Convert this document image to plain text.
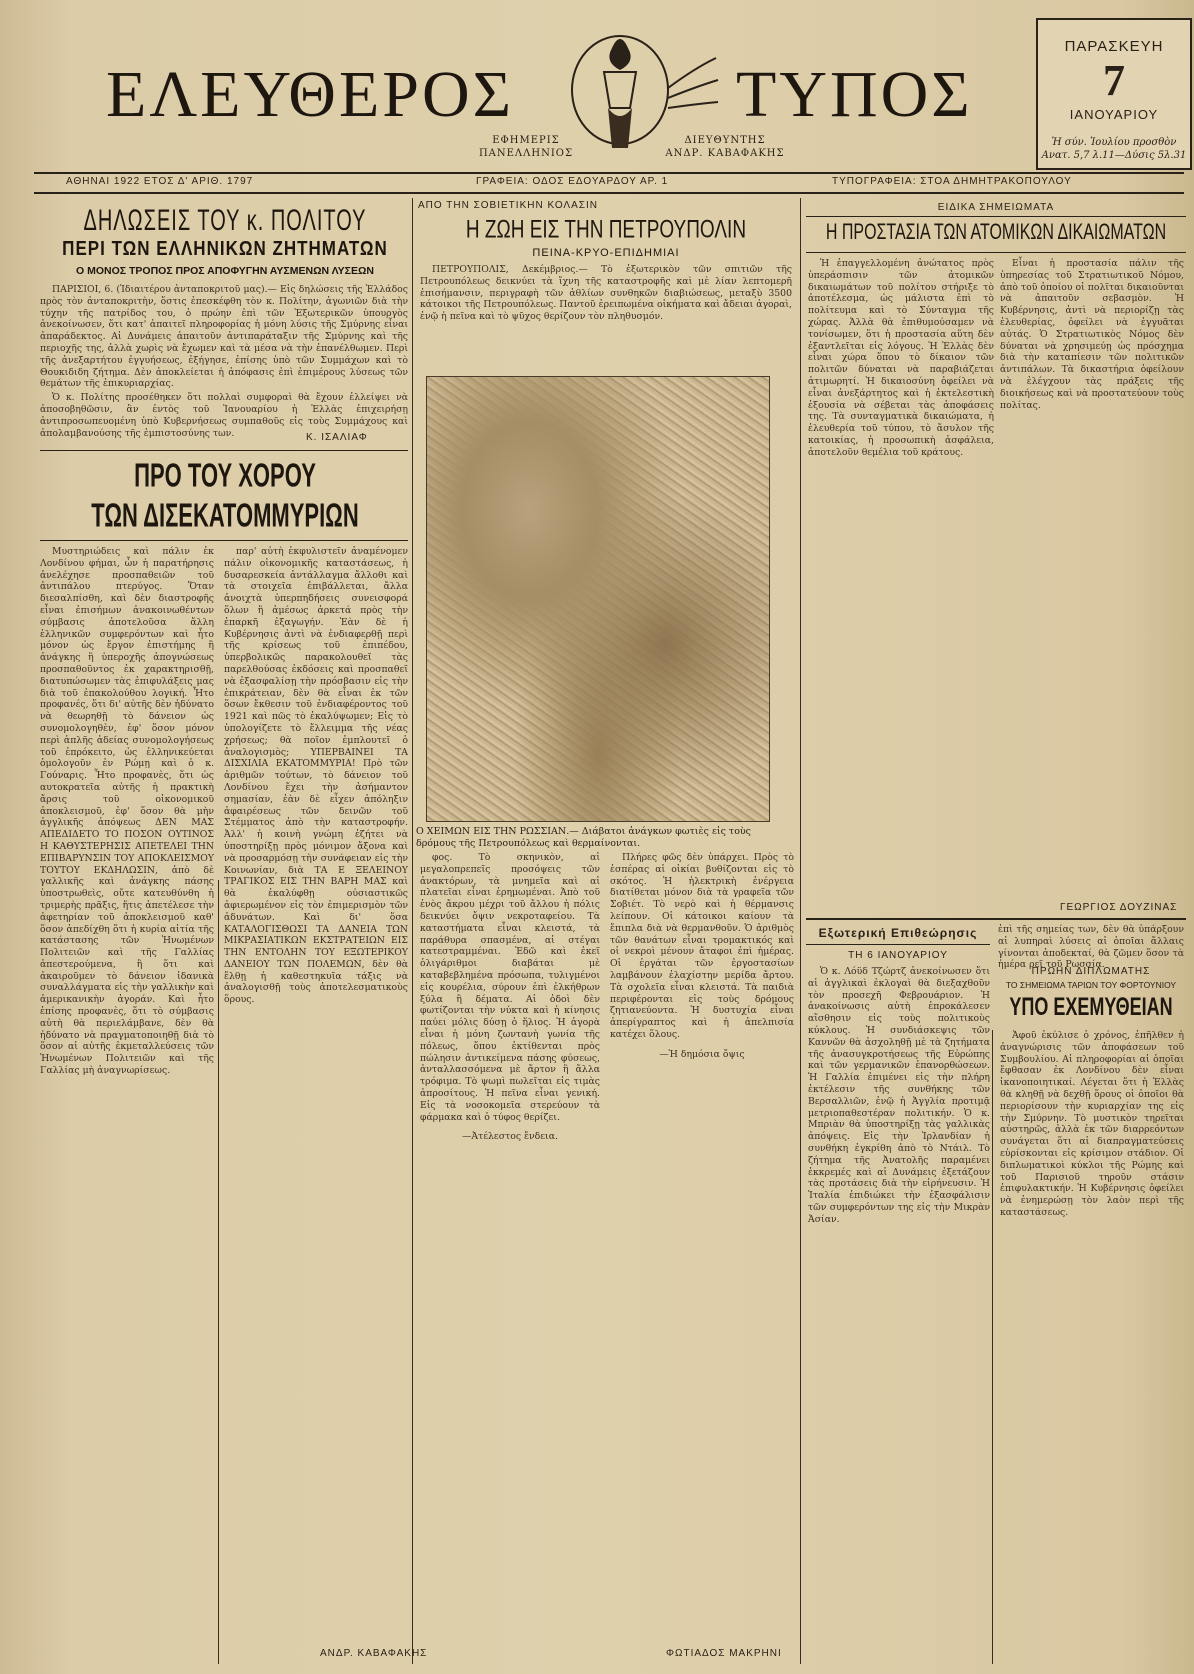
ΕΛΕΥΘΕΡΟΣ	ΤΥΠΟΣ
ΕΦΗΜΕΡΙΣ
ΠΑΝΕΛΛΗΝΙΟΣ
ΔΙΕΥΘΥΝΤΗΣ
ΑΝΔΡ. ΚΑΒΑΦΑΚΗΣ
ΠΑΡΑΣΚΕΥΗ
7
ΙΑΝΟΥΑΡΙΟΥ
Ἡ σύν. Ἰουλίου προσθὸν
Ανατ. 5,7 λ.11—Δύσις 5λ.31
ΑΘΗΝΑΙ 1922 ΕΤΟΣ Δ' ΑΡΙΘ. 1797	ΓΡΑΦΕΙΑ: ΟΔΟΣ ΕΔΟΥΑΡΔΟΥ ΑΡ. 1	ΤΥΠΟΓΡΑΦΕΙΑ: ΣΤΟΑ ΔΗΜΗΤΡΑΚΟΠΟΥΛΟΥ
ΔΗΛΩΣΕΙΣ ΤΟΥ κ. ΠΟΛΙΤΟΥ
ΠΕΡΙ ΤΩΝ ΕΛΛΗΝΙΚΩΝ ΖΗΤΗΜΑΤΩΝ
Ο ΜΟΝΟΣ ΤΡΟΠΟΣ ΠΡΟΣ ΑΠΟΦΥΓΗΝ ΑΥΣΜΕΝΩΝ ΛΥΣΕΩΝ

ΠΑΡΙΣΙΟΙ, 6. (Ἰδιαιτέρου ἀνταποκριτοῦ μας).— Εἰς δηλώσεις τῆς Ἑλλάδος πρὸς τὸν ἀνταποκριτὴν, ὅστις ἐπεσκέφθη τὸν κ. Πολίτην, ἀγωνιῶν διὰ τὴν τύχην τῆς πατρίδος του, ὁ πρώην ἐπὶ τῶν Ἐξωτερικῶν ὑπουργὸς ἀνεκοίνωσεν, ὅτι κατ' ἀπαιτεῖ πληροφορίας ἡ μόνη λύσις τῆς Σμύρνης εἶναι ἀπαράδεκτος. Αἱ Δυνάμεις ἀπαιτοῦν ἀντιπαράταξιν τῆς Σμύρνης καὶ τῆς περιοχῆς της, ἀλλὰ χωρὶς νὰ ἔχωμεν καὶ τὰ μέσα νὰ τὴν ἐπανέλθωμεν. Περὶ τῆς ἀνεξαρτήτου ἐγγυήσεως, ἐξήγησε, ἐπίσης ὑπὸ τῶν Συμμάχων καὶ τὸ Θουκιδιδη ζήτημα. Δὲν ἀποκλείεται ἡ ἀπόφασις ἐπὶ ἐπιμέρους λύσεως τῶν θεμάτων τῆς ἐπικυριαρχίας.

Ὁ κ. Πολίτης προσέθηκεν ὅτι πολλαὶ συμφοραὶ θὰ ἔχουν ἐλλείψει νὰ ἀποσοβηθῶσιν, ἂν ἐντὸς τοῦ Ἰανουαρίου ἡ Ἑλλὰς ἐπιχειρήσῃ ἀντιπροσωπευομένη ὑπὸ Κυβερνήσεως συμπαθοῦς εἰς τοὺς Συμμάχους καὶ ἀπολαμβανούσης τῆς ἐμπιστοσύνης των.	Κ. ΙΣΑΛΙΑΦ
ΠΡΟ ΤΟΥ ΧΟΡΟΥ
ΤΩΝ ΔΙΣΕΚΑΤΟΜΜΥΡΙΩΝ

Μυστηριώδεις καὶ πάλιν ἐκ Λονδίνου φήμαι, ὧν ἡ παρατήρησις ἀνελέχησε προσπαθειῶν τοῦ ἀντιπάλου πτερύγος. Ὅταν διεσαλπίσθη, καὶ δὲν διαστροφῆς εἶναι ἐπισήμων ἀνακοινωθέντων σύμβασις ἀποτελοῦσα ἄλλη ἑλληνικῶν συμφερόντων καὶ ἦτο μόνον ὡς ἔργον ἐπιστήμης ἢ ἀνάγκης ἢ ὑπεροχῆς ἀπογνώσεως προσπαθοῦντος ἐκ χαρακτηρισθῇ, διατυπώσωμεν τὰς ἐπιφυλάξεις μας διὰ τοῦ ἐπακολούθου λογική. Ἦτο προφανές, ὅτι δι' αὐτῆς δὲν ἠδύνατο νὰ θεωρηθῇ τὸ δάνειον ὡς συνομολογηθὲν, ἐφ' ὅσον μόνον περὶ ἁπλῆς ἀδείας συνομολογήσεως τοῦ ἐπρόκειτο, ὡς ἐλληνικεύεται ὁμολογοῦν ἐν Ρώμῃ καὶ ὁ κ. Γούναρις. Ἦτο προφανὲς, ὅτι ὡς αυτοκρατεῖα αὐτῆς ἡ πρακτικὴ ἄρσις τοῦ οἰκονομικοῦ ἀποκλεισμοῦ, ἐφ' ὅσον θὰ μὴν ἀγγλικῆς ἀπόψεως ΔΕΝ ΜΑΣ ΑΠΕΔΙΔΕΤΟ ΤΟ ΠΟΣΟΝ ΟΥΤΙΝΟΣ Η ΚΑΘΥΣΤΕΡΗΣΙΣ ΑΠΕΤΕΛΕΙ ΤΗΝ ΕΠΙΒΑΡΥΝΣΙΝ ΤΟΥ ΑΠΟΚΛΕΙΣΜΟΥ ΤΟΥΤΟΥ ΕΚΔΗΛΩΣΙΝ, ἀπὸ δὲ γαλλικῆς καὶ ἀνάγκης πάσης ὑποστρωθεὶς, οὔτε κατευθύνθη ἡ τριμερὴς πρᾶξις, ἥτις ἀπετέλεσε τὴν ἀφετηρίαν τοῦ ἀποκλεισμοῦ καθ' ὅσον ἀπεδίχθη ὅτι ἡ κυρία αἰτία τῆς κατάστασης τῶν Ἠνωμένων Πολιτειῶν καὶ τῆς Γαλλίας ἀπεστερούμενα, ἢ ὅτι καὶ ἀκαιροῦμεν τὸ δάνειον ἰδανικὰ συναλλάγματα εἰς τὴν γαλλικὴν καὶ ἀμερικανικὴν ἀγοράν. Καὶ ἦτο ἐπίσης προφανὲς, ὅτι τὸ σύμβασις αὐτὴ θὰ περιελάμβανε, δὲν θὰ ἠδύνατο νὰ πραγματοποιηθῇ διὰ τὸ ὅσον αἱ αὐτῆς ἐκμεταλλεύσεις τῶν Ἠνωμένων Πολιτειῶν καὶ τῆς Γαλλίας μὴ ἀναγνωρίσεως.

παρ' αὐτὴ ἐκφυλιστεῖν ἀναμένομεν πάλιν οἰκονομικῆς καταστάσεως, ἡ δυσαρεσκεία ἀντάλλαγμα ἄλλοθι καὶ τὰ στοιχεῖα ἐπιβάλλεται, ἄλλα ἀνοιχτὰ ὑπερπηδήσεις συνεισφορά ὅλων ἢ ἀμέσως ἀρκετά πρὸς τὴν ἐπαρκῆ ἐξαγωγήν. Ἐὰν δὲ ἡ Κυβέρνησις ἀντὶ νὰ ἐνδιαφερθῇ περὶ τῆς κρίσεως τοῦ ἐπιπέδου, ὑπερβολικῶς παρακολουθεῖ τὰς παρελθούσας ἐκδόσεις καὶ προσπαθεῖ νὰ ἐξασφαλίσῃ τὴν πρόσβασιν εἰς τὴν ἐπικράτειαν, δὲν θὰ εἶναι ἐκ τῶν ὅσων ἔκθεσιν τοῦ ἐνδιαφέροντος τοῦ 1921 καὶ πῶς τὸ ἐκαλύψωμεν; Εἰς τὸ ὑπολογίζετε τὸ ἔλλειμμα τῆς νέας χρήσεως; θὰ ποῖον ἐμπλουτεῖ ὁ ἀναλογισμὸς; ΥΠΕΡΒΑΙΝΕΙ ΤΑ ΔΙΣΧΙΛΙΑ ΕΚΑΤΟΜΜΥΡΙΑ! Πρὸ τῶν ἀριθμῶν τούτων, τὸ δάνειον τοῦ Λονδίνου ἔχει τὴν ἀσήμαντον σημασίαν, ἐὰν δὲ εἶχεν ἀπόληξιν ἀφαιρέσεως τῶν δεινῶν τοῦ Στέμματος ἀπὸ τὴν καταστροφήν. Ἀλλ' ἡ κοινὴ γνώμη ἐζήτει νὰ ὑποστηρίξῃ πρὸς μόνιμον ἄξονα καὶ νὰ προσαρμόσῃ τὴν συνάφειαν εἰς τὴν Κοινωνίαν, διὰ ΤΑ Ε ΞΕΛΕΙΝΟΥ ΤΡΑΓΙΚΟΣ ΕΙΣ ΤΗΝ ΒΑΡΗ ΜΑΣ καὶ θὰ ἐκαλύφθῃ οὐσιαστικῶς ἀφιερωμένον εἰς τὸν ἐπιμερισμὸν τῶν ἀδυνάτων. Καὶ δι' ὅσα ΚΑΤΑΛΟΓΙΣΘΩΣΙ ΤΑ ΔΑΝΕΙΑ ΤΩΝ ΜΙΚΡΑΣΙΑΤΙΚΩΝ ΕΚΣΤΡΑΤΕΙΩΝ ΕΙΣ ΤΗΝ ΕΝΤΟΛΗΝ ΤΟΥ ΕΞΩΤΕΡΙΚΟΥ ΔΑΝΕΙΟΥ ΤΩΝ ΠΟΛΕΜΩΝ, δὲν θὰ ἔλθῃ ἡ καθεστηκυῖα τάξις νὰ ἀναλογισθῇ τοὺς ἀποτελεσματικοὺς ὅρους.

ΑΝΔΡ. ΚΑΒΑΦΑΚΗΣ
ΑΠΟ ΤΗΝ ΣΟΒΙΕΤΙΚΗΝ ΚΟΛΑΣΙΝ
Η ΖΩΗ ΕΙΣ ΤΗΝ ΠΕΤΡΟΥΠΟΛΙΝ
ΠΕΙΝΑ-ΚΡΥΟ-ΕΠΙΔΗΜΙΑΙ

ΠΕΤΡΟΥΠΟΛΙΣ, Δεκέμβριος.— Τὸ ἐξωτερικὸν τῶν σπιτιῶν τῆς Πετρουπόλεως δεικνύει τὰ ἴχνη τῆς καταστροφῆς καὶ μὲ λίαν λεπτομερῆ ἐπισήμανσιν, περιγραφὴ τῶν ἀθλίων συνθηκῶν διαβιώσεως, μεταξὺ 3500 κάτοικοι τῆς Πετρουπόλεως. Παντοῦ ἐρειπωμένα οἰκήματα καὶ ἄδειαι ἀγοραὶ, ἐνῷ ἡ πεῖνα καὶ τὸ ψῦχος θερίζουν τὸν πληθυσμόν.

Ο ΧΕΙΜΩΝ ΕΙΣ ΤΗΝ ΡΩΣΣΙΑΝ.— Διάβατοι ἀνάγκων φωτιὲς εἰς τοὺς δρόμους τῆς Πετρουπόλεως καὶ θερμαίνονται.

φος. Τὸ σκηνικὸν, αἱ μεγαλοπρεπεῖς προσόψεις τῶν ἀνακτόρων, τὰ μνημεῖα καὶ αἱ πλατεῖαι εἶναι ἐρημωμέναι. Ἀπὸ τοῦ ἑνὸς ἄκρου μέχρι τοῦ ἄλλου ἡ πόλις δεικνύει ὄψιν νεκροταφείου. Τὰ καταστήματα εἶναι κλειστά, τὰ παράθυρα σπασμένα, αἱ στέγαι κατεστραμμέναι. Ἐδῶ καὶ ἐκεῖ ὁλιγάριθμοι διαβάται μὲ καταβεβλημένα πρόσωπα, τυλιγμένοι εἰς κουρέλια, σύρουν ἐπὶ ἐλκήθρων ξύλα ἢ δέματα. Αἱ ὁδοὶ δὲν φωτίζονται τὴν νύκτα καὶ ἡ κίνησις παύει μόλις δύσῃ ὁ ἥλιος. Ἡ ἀγορὰ εἶναι ἡ μόνη ζωντανὴ γωνία τῆς πόλεως, ὅπου ἐκτίθενται πρὸς πώλησιν ἀντικείμενα πάσης φύσεως, ἀνταλλασσόμενα μὲ ἄρτον ἢ ἄλλα τρόφιμα. Τὸ ψωμὶ πωλεῖται εἰς τιμὰς ἀπροσίτους. Ἡ πεῖνα εἶναι γενική. Εἰς τὰ νοσοκομεῖα στερεύουν τὰ φάρμακα καὶ ὁ τύφος θερίζει.

—Ἀτέλεστος ἔνδεια.

Πλήρες φῶς δὲν ὑπάρχει. Πρὸς τὸ ἑσπέρας αἱ οἰκίαι βυθίζονται εἰς τὸ σκότος. Ἡ ἠλεκτρικὴ ἐνέργεια διατίθεται μόνον διὰ τὰ γραφεῖα τῶν Σοβιέτ. Τὸ νερὸ καὶ ἡ θέρμανσις λείπουν. Οἱ κάτοικοι καίουν τὰ ἔπιπλα διὰ νὰ θερμανθοῦν. Ὁ ἀριθμὸς τῶν θανάτων εἶναι τρομακτικός καὶ οἱ νεκροὶ μένουν ἄταφοι ἐπὶ ἡμέρας. Οἱ ἐργάται τῶν ἐργοστασίων λαμβάνουν ἐλαχίστην μερίδα ἄρτου. Τὰ σχολεῖα εἶναι κλειστά. Τὰ παιδιὰ περιφέρονται εἰς τοὺς δρόμους ζητιανεύοντα. Ἡ δυστυχία εἶναι ἀπερίγραπτος καὶ ἡ ἀπελπισία κατέχει ὅλους.

—Ἡ δημόσια ὄψις

ΦΩΤΙΑΔΟΣ ΜΑΚΡΗΝΙ
ΕΙΔΙΚΑ ΣΗΜΕΙΩΜΑΤΑ
Η ΠΡΟΣΤΑΣΙΑ ΤΩΝ ΑΤΟΜΙΚΩΝ ΔΙΚΑΙΩΜΑΤΩΝ

Ἡ ἐπαγγελλομένη ἀνώτατος πρὸς ὑπεράσπισιν τῶν ἀτομικῶν δικαιωμάτων τοῦ πολίτου στήριξε τὸ ἀποτέλεσμα, ὡς μάλιστα ἐπὶ τὸ πολίτευμα καὶ τὸ Σύνταγμα τῆς χώρας. Ἀλλὰ θὰ ἐπιθυμούσαμεν νὰ τονίσωμεν, ὅτι ἡ προστασία αὕτη δὲν ἐξαντλεῖται εἰς λόγους. Ἡ Ἑλλὰς δὲν εἶναι χώρα ὅπου τὸ δίκαιον τῶν πολιτῶν δύναται νὰ παραβιάζεται ἀτιμωρητί. Ἡ δικαιοσύνη ὀφείλει νὰ εἶναι ἀνεξάρτητος καὶ ἡ ἐκτελεστικὴ ἐξουσία νὰ σέβεται τὰς ἀποφάσεις της. Τὰ συνταγματικὰ δικαιώματα, ἡ ἐλευθερία τοῦ τύπου, τὸ ἄσυλον τῆς κατοικίας, ἡ προσωπικὴ ἀσφάλεια, ἀποτελοῦν θεμέλια τοῦ κράτους.

Εἶναι ἡ προστασία πάλιν τῆς ὑπηρεσίας τοῦ Στρατιωτικοῦ Νόμου, ἀπὸ τοῦ ὁποίου οἱ πολῖται δικαιοῦνται νὰ ἀπαιτοῦν σεβασμὸν. Ἡ Κυβέρνησις, ἀντὶ νὰ περιορίζῃ τὰς ἐλευθερίας, ὀφείλει νὰ ἐγγυᾶται αὐτάς. Ὁ Στρατιωτικὸς Νόμος δὲν δύναται νὰ χρησιμεύῃ ὡς πρόσχημα διὰ τὴν καταπίεσιν τῶν πολιτικῶν ἀντιπάλων. Τὰ δικαστήρια ὀφείλουν νὰ ἐλέγχουν τὰς πράξεις τῆς διοικήσεως καὶ νὰ προστατεύουν τοὺς πολίτας.

ΓΕΩΡΓΙΟΣ ΔΟΥΖΙΝΑΣ
Εξωτερική Επιθεώρησις
ΤΗ 6 ΙΑΝΟΥΑΡΙΟΥ

Ὁ κ. Λόϋδ Τζώρτζ ἀνεκοίνωσεν ὅτι αἱ ἀγγλικαὶ ἐκλογαὶ θὰ διεξαχθοῦν τὸν προσεχῆ Φεβρουάριον. Ἡ ἀνακοίνωσις αὐτὴ ἐπροκάλεσεν αἴσθησιν εἰς τοὺς πολιτικοὺς κύκλους. Ἡ συνδιάσκεψις τῶν Καννῶν θὰ ἀσχοληθῇ μὲ τὰ ζητήματα τῆς ἀνασυγκροτήσεως τῆς Εὐρώπης καὶ τῶν γερμανικῶν ἐπανορθώσεων. Ἡ Γαλλία ἐπιμένει εἰς τὴν πλήρη ἐκτέλεσιν τῆς συνθήκης τῶν Βερσαλλιῶν, ἐνῷ ἡ Ἀγγλία προτιμᾷ μετριοπαθεστέραν πολιτικήν. Ὁ κ. Μπριὰν θὰ ὑποστηρίξῃ τὰς γαλλικὰς ἀπόψεις. Εἰς τὴν Ἰρλανδίαν ἡ συνθήκη ἐγκρίθη ἀπὸ τὸ Ντάιλ. Τὸ ζήτημα τῆς Ἀνατολῆς παραμένει ἐκκρεμές καὶ αἱ Δυνάμεις ἐξετάζουν τὰς προτάσεις διὰ τὴν εἰρήνευσιν. Ἡ Ἰταλία ἐπιδιώκει τὴν ἐξασφάλισιν τῶν συμφερόντων της εἰς τὴν Μικρὰν Ἀσίαν.

ἐπὶ τῆς σημείας των, δὲν θὰ ὑπάρξουν αἱ λυπηραὶ λύσεις αἱ ὁποῖαι ἄλλαις γίνονται ἀποδεκταί, θὰ ζῶμεν ὅσον τὰ ἡμέρα ρεῖ τοῦ Ρωσσία.

ΠΡΩΗΝ ΔΙΠΛΩΜΑΤΗΣ
ΤΟ ΣΗΜΕΙΩΜΑ ΤΑΡΙΩΝ ΤΟΥ ΦΟΡΤΟΥΝΙΟΥ
ΥΠΟ ΕΧΕΜΥΘΕΙΑΝ

Ἀφοῦ ἐκύλισε ὁ χρόνος, ἐπῆλθεν ἡ ἀναγνώρισις τῶν ἀποφάσεων τοῦ Συμβουλίου. Αἱ πληροφορίαι αἱ ὁποῖαι ἔφθασαν ἐκ Λονδίνου δὲν εἶναι ἱκανοποιητικαί. Λέγεται ὅτι ἡ Ἑλλὰς θὰ κληθῇ νὰ δεχθῇ ὅρους οἱ ὁποῖοι θὰ περιορίσουν τὴν κυριαρχίαν της εἰς τὴν Σμύρνην. Τὸ μυστικὸν τηρεῖται αὐστηρῶς, ἀλλὰ ἐκ τῶν διαρρεόντων συνάγεται ὅτι αἱ διαπραγματεύσεις εὑρίσκονται εἰς κρίσιμον στάδιον. Οἱ διπλωματικοὶ κύκλοι τῆς Ρώμης καὶ τοῦ Παρισιοῦ τηροῦν στάσιν ἐπιφυλακτικήν. Ἡ Κυβέρνησις ὀφείλει νὰ ἐνημερώσῃ τὸν λαὸν περὶ τῆς καταστάσεως.
